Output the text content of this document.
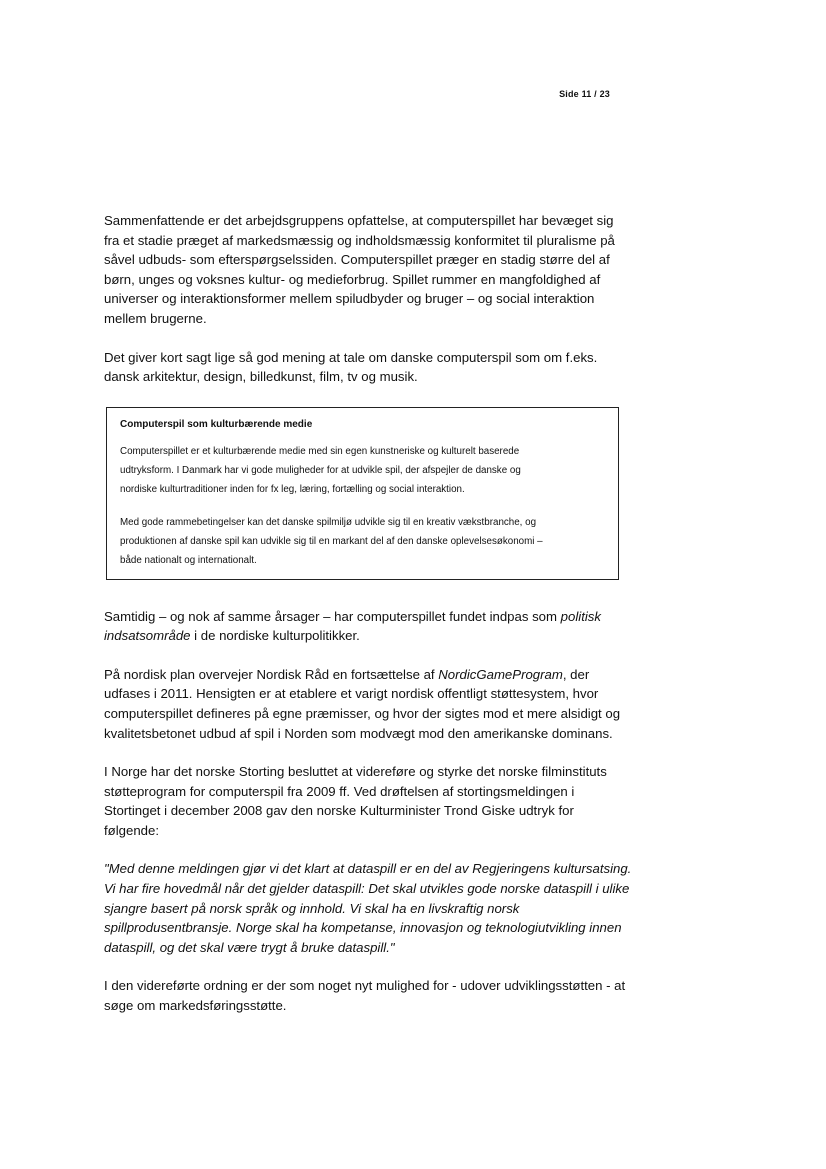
Side 11 / 23

Sammenfattende er det arbejdsgruppens opfattelse, at computerspillet har bevæget sig
fra et stadie præget af markedsmæssig og indholdsmæssig konformitet til pluralisme på
såvel udbuds- som efterspørgselssiden. Computerspillet præger en stadig større del af
børn, unges og voksnes kultur- og medieforbrug. Spillet rummer en mangfoldighed af
universer og interaktionsformer mellem spiludbyder og bruger – og social interaktion
mellem brugerne.

Det giver kort sagt lige så god mening at tale om danske computerspil som om f.eks.
dansk arkitektur, design, billedkunst, film, tv og musik.

Computerspil som kulturbærende medie

Computerspillet er et kulturbærende medie med sin egen kunstneriske og kulturelt baserede
udtryksform. I Danmark har vi gode muligheder for at udvikle spil, der afspejler de danske og
nordiske kulturtraditioner inden for fx leg, læring, fortælling og social interaktion.

Med gode rammebetingelser kan det danske spilmiljø udvikle sig til en kreativ vækstbranche, og
produktionen af danske spil kan udvikle sig til en markant del af den danske oplevelsesøkonomi –
både nationalt og internationalt.

Samtidig – og nok af samme årsager – har computerspillet fundet indpas som politisk
indsatsområde i de nordiske kulturpolitikker.

På nordisk plan overvejer Nordisk Råd en fortsættelse af NordicGameProgram, der
udfases i 2011. Hensigten er at etablere et varigt nordisk offentligt støttesystem, hvor
computerspillet defineres på egne præmisser, og hvor der sigtes mod et mere alsidigt og
kvalitetsbetonet udbud af spil i Norden som modvægt mod den amerikanske dominans.

I Norge har det norske Storting besluttet at videreføre og styrke det norske filminstituts
støtteprogram for computerspil fra 2009 ff. Ved drøftelsen af stortingsmeldingen i
Stortinget i december 2008 gav den norske Kulturminister Trond Giske udtryk for
følgende:

"Med denne meldingen gjør vi det klart at dataspill er en del av Regjeringens kultursatsing.
Vi har fire hovedmål når det gjelder dataspill: Det skal utvikles gode norske dataspill i ulike
sjangre basert på norsk språk og innhold. Vi skal ha en livskraftig norsk
spillprodusentbransje. Norge skal ha kompetanse, innovasjon og teknologiutvikling innen
dataspill, og det skal være trygt å bruke dataspill."

I den videreførte ordning er der som noget nyt mulighed for - udover udviklingsstøtten - at
søge om markedsføringsstøtte.
